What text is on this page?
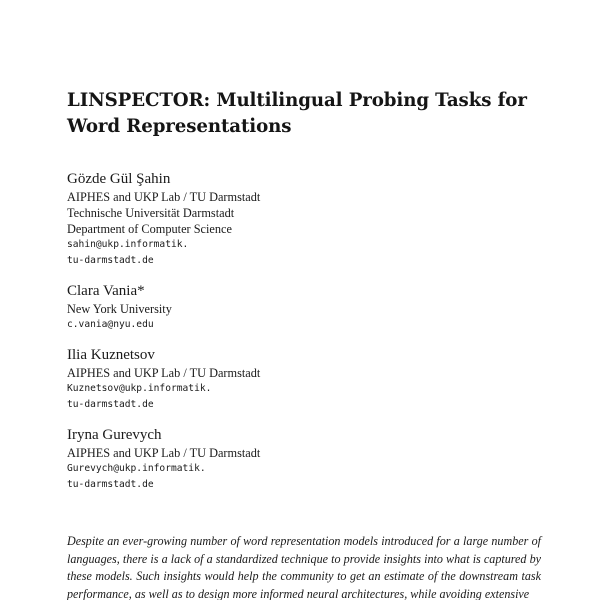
LINSPECTOR: Multilingual Probing Tasks for Word Representations

Gözde Gül Şahin

AIPHES and UKP Lab / TU Darmstadt

Technische Universität Darmstadt

Department of Computer Science

sahin@ukp.informatik.

tu-darmstadt.de

Clara Vania*

New York University

c.vania@nyu.edu

Ilia Kuznetsov

AIPHES and UKP Lab / TU Darmstadt

Kuznetsov@ukp.informatik.

tu-darmstadt.de

Iryna Gurevych

AIPHES and UKP Lab / TU Darmstadt

Gurevych@ukp.informatik.

tu-darmstadt.de

Despite an ever-growing number of word representation models introduced for a large number of languages, there is a lack of a standardized technique to provide insights into what is captured by these models. Such insights would help the community to get an estimate of the downstream task performance, as well as to design more informed neural architectures, while avoiding extensive
